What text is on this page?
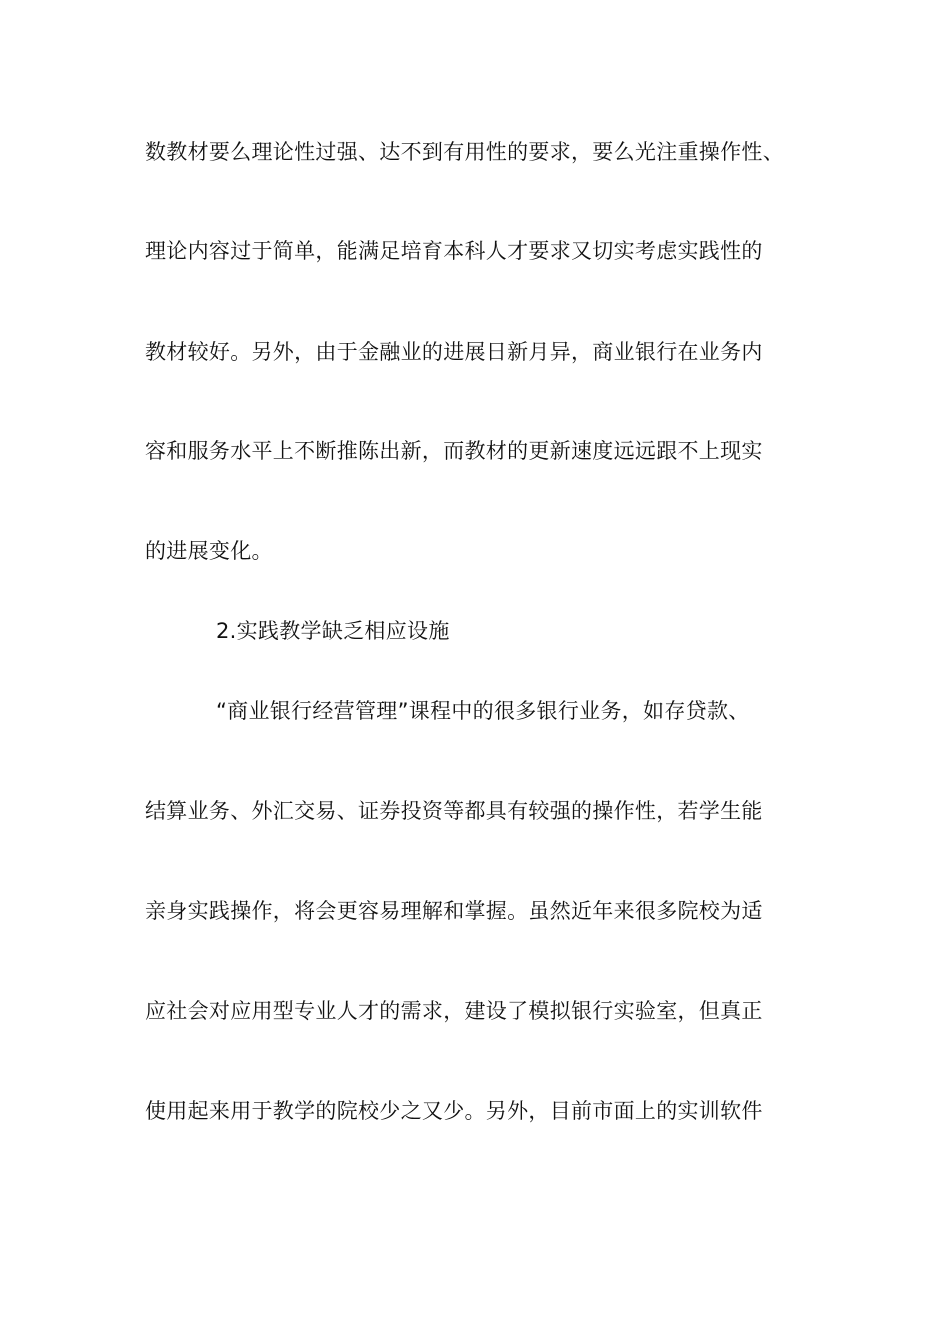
数教材要么理论性过强、达不到有用性的要求，要么光注重操作性、
理论内容过于简单，能满足培育本科人才要求又切实考虑实践性的
教材较好。另外，由于金融业的进展日新月异，商业银行在业务内
容和服务水平上不断推陈出新，而教材的更新速度远远跟不上现实
的进展变化。
2.实践教学缺乏相应设施
“商业银行经营管理”课程中的很多银行业务，如存贷款、
结算业务、外汇交易、证券投资等都具有较强的操作性，若学生能
亲身实践操作，将会更容易理解和掌握。虽然近年来很多院校为适
应社会对应用型专业人才的需求，建设了模拟银行实验室，但真正
使用起来用于教学的院校少之又少。另外，目前市面上的实训软件
